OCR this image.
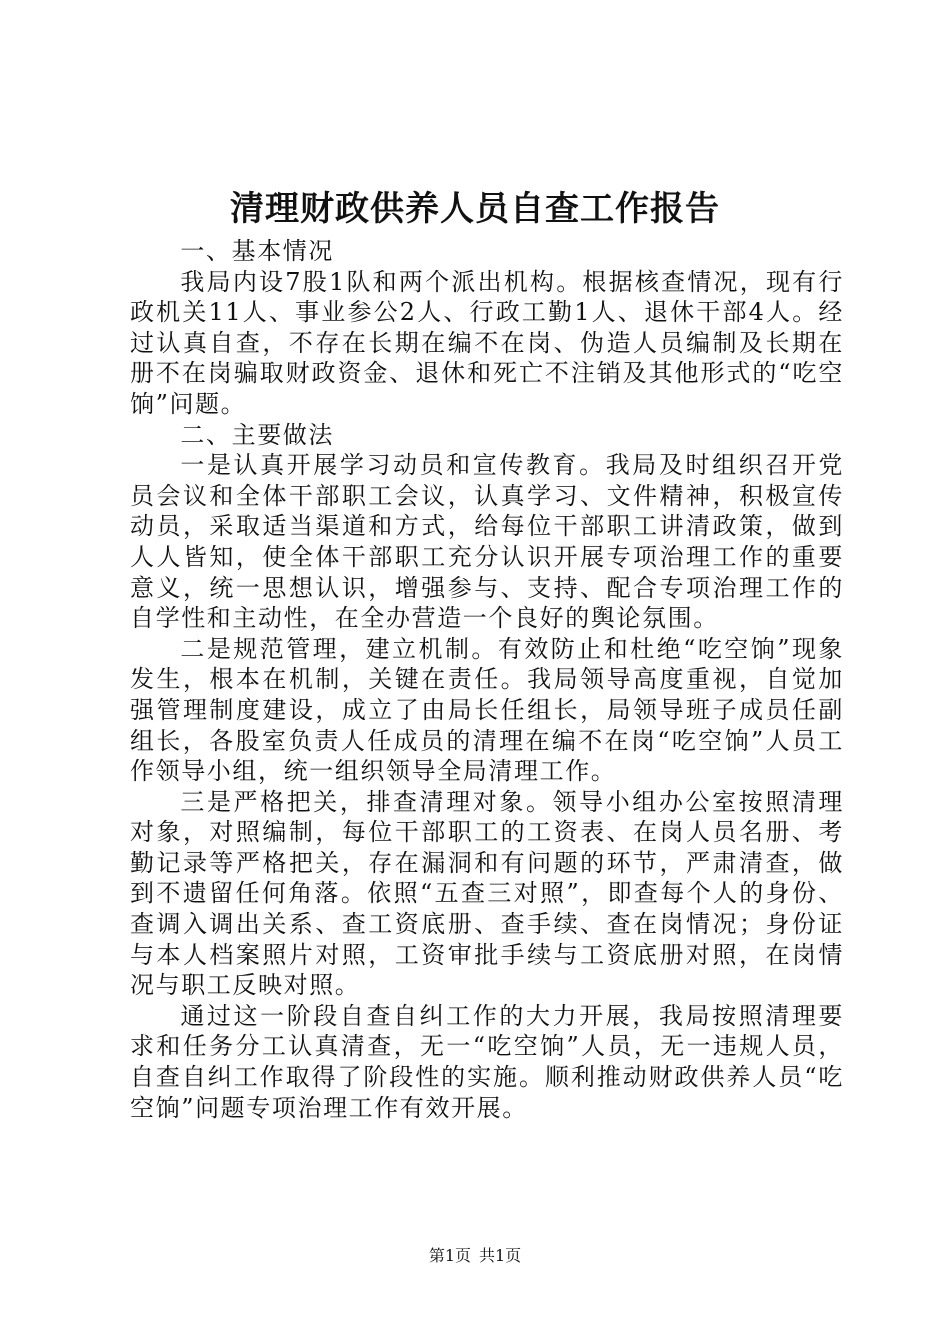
清理财政供养人员自查工作报告

一、基本情况

我局内设7股1队和两个派出机构。根据核查情况，现有行政机关11人、事业参公2人、行政工勤1人、退休干部4人。经过认真自查，不存在长期在编不在岗、伪造人员编制及长期在册不在岗骗取财政资金、退休和死亡不注销及其他形式的“吃空饷”问题。

二、主要做法

一是认真开展学习动员和宣传教育。我局及时组织召开党员会议和全体干部职工会议，认真学习、文件精神，积极宣传动员，采取适当渠道和方式，给每位干部职工讲清政策，做到人人皆知，使全体干部职工充分认识开展专项治理工作的重要意义，统一思想认识，增强参与、支持、配合专项治理工作的自学性和主动性，在全办营造一个良好的舆论氛围。

二是规范管理，建立机制。有效防止和杜绝“吃空饷”现象发生，根本在机制，关键在责任。我局领导高度重视，自觉加强管理制度建设，成立了由局长任组长，局领导班子成员任副组长，各股室负责人任成员的清理在编不在岗“吃空饷”人员工作领导小组，统一组织领导全局清理工作。

三是严格把关，排查清理对象。领导小组办公室按照清理对象，对照编制，每位干部职工的工资表、在岗人员名册、考勤记录等严格把关，存在漏洞和有问题的环节，严肃清查，做到不遗留任何角落。依照“五查三对照”，即查每个人的身份、查调入调出关系、查工资底册、查手续、查在岗情况；身份证与本人档案照片对照，工资审批手续与工资底册对照，在岗情况与职工反映对照。

通过这一阶段自查自纠工作的大力开展，我局按照清理要求和任务分工认真清查，无一“吃空饷”人员，无一违规人员，自查自纠工作取得了阶段性的实施。顺利推动财政供养人员“吃空饷”问题专项治理工作有效开展。

第1页 共1页
